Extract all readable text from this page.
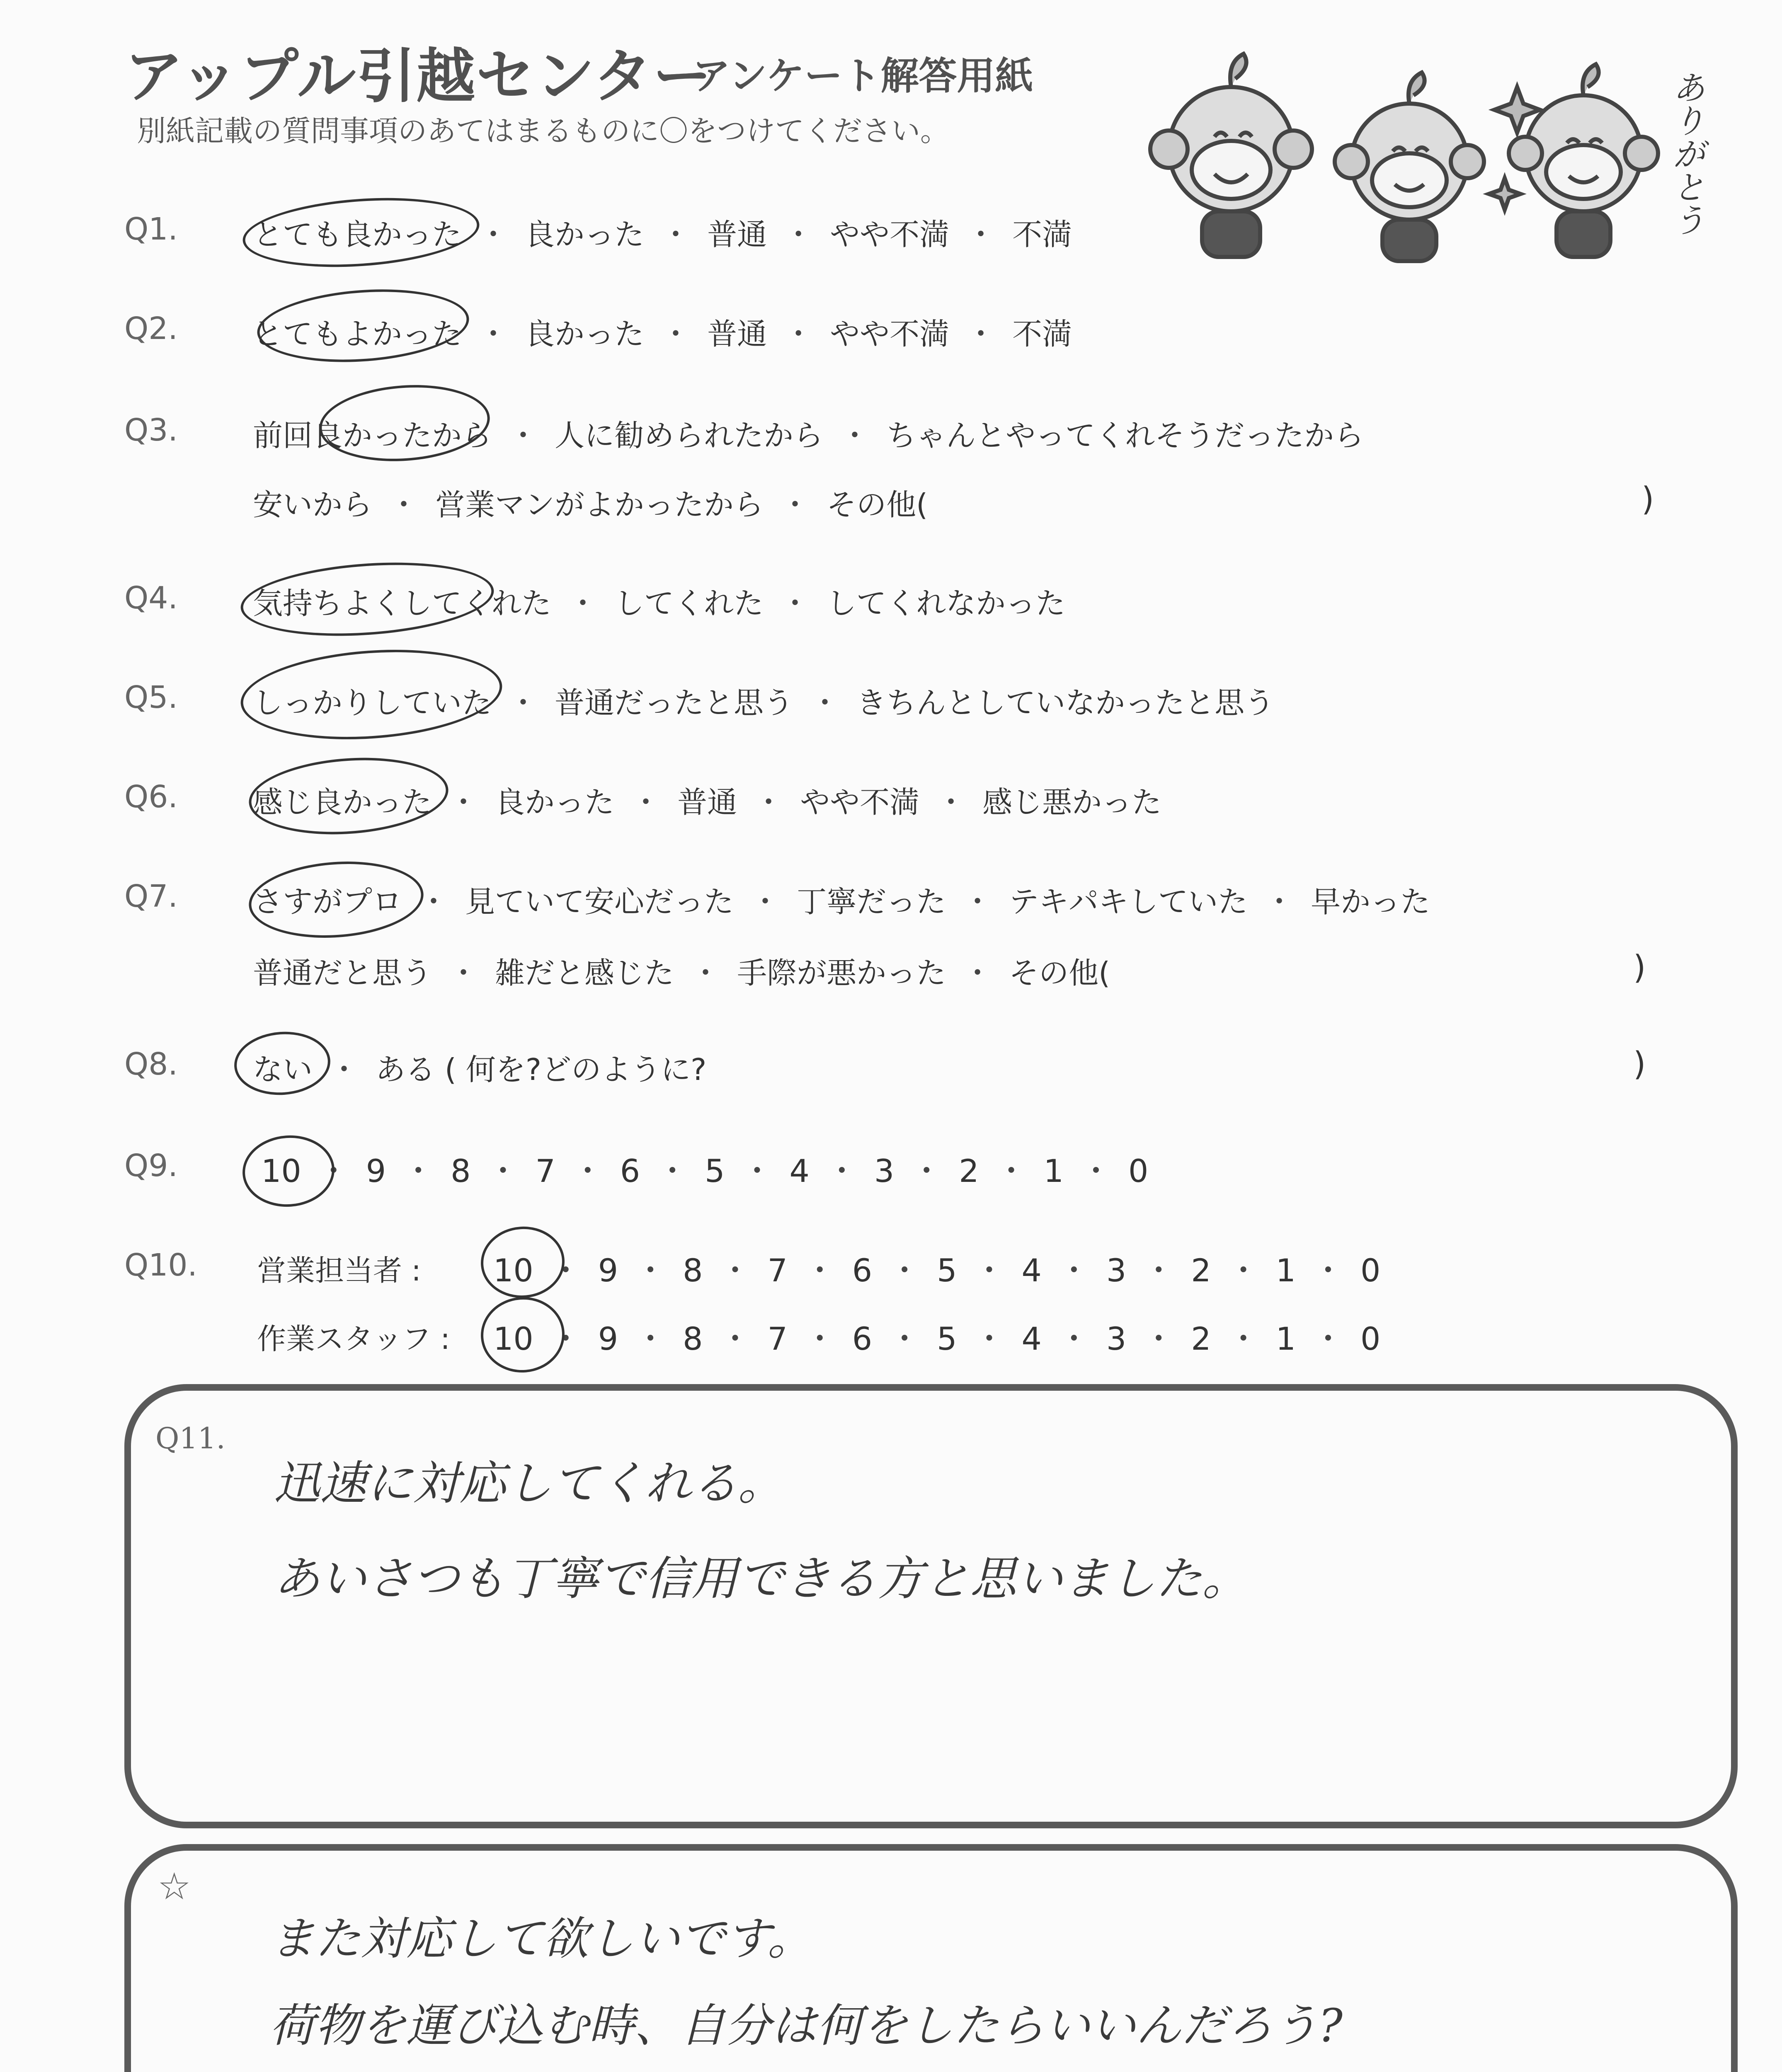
アップル引越センター
アンケート解答用紙
別紙記載の質問事項のあてはまるものに〇をつけてください。	ありがとう
Q1.	とても良かった ・ 良かった ・ 普通 ・ やや不満 ・ 不満
Q2.	とてもよかった ・ 良かった ・ 普通 ・ やや不満 ・ 不満
Q3.	前回良かったから ・ 人に勧められたから ・ ちゃんとやってくれそうだったから
安いから ・ 営業マンがよかったから ・ その他(	)
Q4.	気持ちよくしてくれた ・ してくれた ・ してくれなかった
Q5.	しっかりしていた ・ 普通だったと思う ・ きちんとしていなかったと思う
Q6.	感じ良かった ・ 良かった ・ 普通 ・ やや不満 ・ 感じ悪かった
Q7.	さすがプロ ・ 見ていて安心だった ・ 丁寧だった ・ テキパキしていた ・ 早かった
普通だと思う ・ 雑だと感じた ・ 手際が悪かった ・ その他(	)
Q8.	ない ・ ある ( 何を?どのように?	)
Q9.	10 ・ 9 ・ 8 ・ 7 ・ 6 ・ 5 ・ 4 ・ 3 ・ 2 ・ 1 ・ 0
Q10. 営業担当者 : 10 ・ 9 ・ 8 ・ 7 ・ 6 ・ 5 ・ 4 ・ 3 ・ 2 ・ 1 ・ 0
作業スタッフ : 10 ・ 9 ・ 8 ・ 7 ・ 6 ・ 5 ・ 4 ・ 3 ・ 2 ・ 1 ・ 0
Q11.
迅速に対応してくれる。
あいさつも丁寧で信用できる方と思いました。
☆
また対応して欲しいです。
荷物を運び込む時、自分は何をしたらいいんだろう?
